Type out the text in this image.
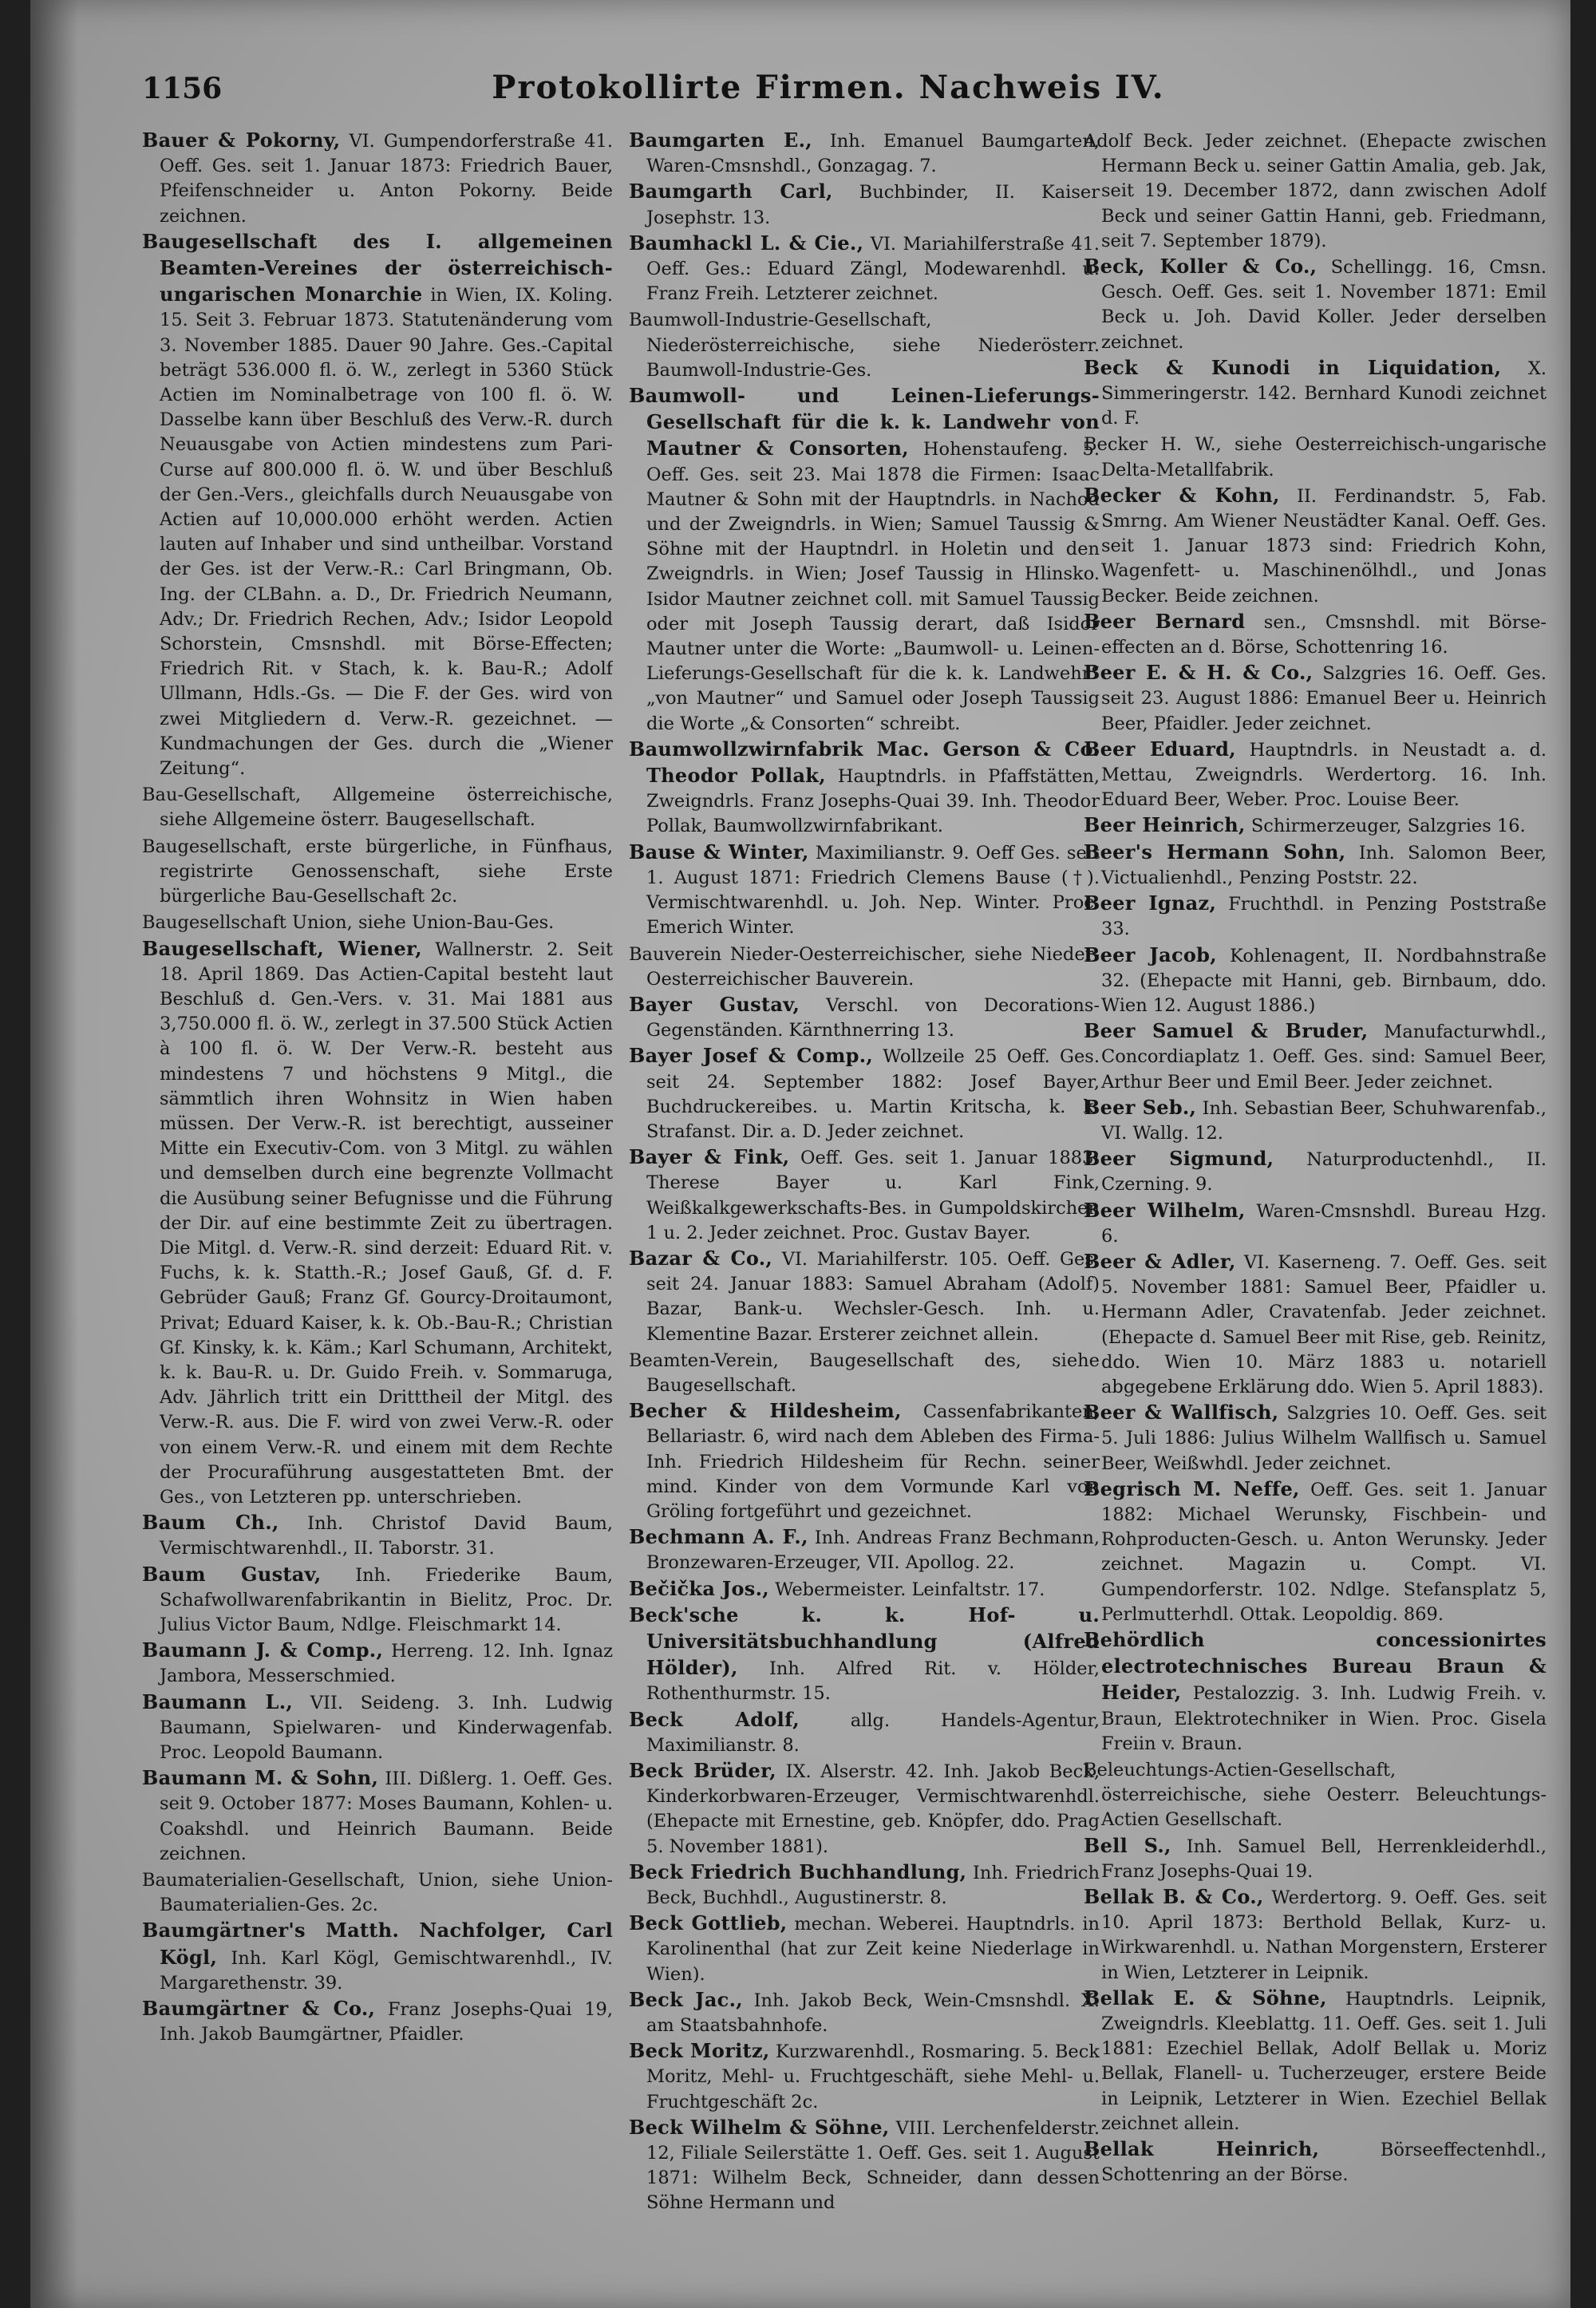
1156	Protokollirte Firmen. Nachweis IV.

Bauer & Pokorny, VI. Gumpendorferstraße 41. Oeff. Ges. seit 1. Januar 1873: Friedrich Bauer, Pfeifenschneider u. Anton Pokorny. Beide zeichnen.

Baugesellschaft des I. allgemeinen Beamten-Vereines der österreichisch-ungarischen Monarchie in Wien, IX. Koling. 15. Seit 3. Februar 1873. Statutenänderung vom 3. November 1885. Dauer 90 Jahre. Ges.-Capital beträgt 536.000 fl. ö. W., zerlegt in 5360 Stück Actien im Nominalbetrage von 100 fl. ö. W. Dasselbe kann über Beschluß des Verw.-R. durch Neuausgabe von Actien mindestens zum Pari-Curse auf 800.000 fl. ö. W. und über Beschluß der Gen.-Vers., gleichfalls durch Neuausgabe von Actien auf 10,000.000 erhöht werden. Actien lauten auf Inhaber und sind untheilbar. Vorstand der Ges. ist der Verw.-R.: Carl Bringmann, Ob. Ing. der CLBahn. a. D., Dr. Friedrich Neumann, Adv.; Dr. Friedrich Rechen, Adv.; Isidor Leopold Schorstein, Cmsnshdl. mit Börse-Effecten; Friedrich Rit. v Stach, k. k. Bau-R.; Adolf Ullmann, Hdls.-Gs. — Die F. der Ges. wird von zwei Mitgliedern d. Verw.-R. gezeichnet. — Kundmachungen der Ges. durch die „Wiener Zeitung“.

Bau-Gesellschaft, Allgemeine österreichische, siehe Allgemeine österr. Baugesellschaft.

Baugesellschaft, erste bürgerliche, in Fünfhaus, registrirte Genossenschaft, siehe Erste bürgerliche Bau-Gesellschaft 2c.

Baugesellschaft Union, siehe Union-Bau-Ges.

Baugesellschaft, Wiener, Wallnerstr. 2. Seit 18. April 1869. Das Actien-Capital besteht laut Beschluß d. Gen.-Vers. v. 31. Mai 1881 aus 3,750.000 fl. ö. W., zerlegt in 37.500 Stück Actien à 100 fl. ö. W. Der Verw.-R. besteht aus mindestens 7 und höchstens 9 Mitgl., die sämmtlich ihren Wohnsitz in Wien haben müssen. Der Verw.-R. ist berechtigt, ausseiner Mitte ein Executiv-Com. von 3 Mitgl. zu wählen und demselben durch eine begrenzte Vollmacht die Ausübung seiner Befugnisse und die Führung der Dir. auf eine bestimmte Zeit zu übertragen. Die Mitgl. d. Verw.-R. sind derzeit: Eduard Rit. v. Fuchs, k. k. Statth.-R.; Josef Gauß, Gf. d. F. Gebrüder Gauß; Franz Gf. Gourcy-Droitaumont, Privat; Eduard Kaiser, k. k. Ob.-Bau-R.; Christian Gf. Kinsky, k. k. Käm.; Karl Schumann, Architekt, k. k. Bau-R. u. Dr. Guido Freih. v. Sommaruga, Adv. Jährlich tritt ein Dritttheil der Mitgl. des Verw.-R. aus. Die F. wird von zwei Verw.-R. oder von einem Verw.-R. und einem mit dem Rechte der Procuraführung ausgestatteten Bmt. der Ges., von Letzteren pp. unterschrieben.

Baum Ch., Inh. Christof David Baum, Vermischtwarenhdl., II. Taborstr. 31.

Baum Gustav, Inh. Friederike Baum, Schafwollwarenfabrikantin in Bielitz, Proc. Dr. Julius Victor Baum, Ndlge. Fleischmarkt 14.

Baumann J. & Comp., Herreng. 12. Inh. Ignaz Jambora, Messerschmied.

Baumann L., VII. Seideng. 3. Inh. Ludwig Baumann, Spielwaren- und Kinderwagenfab. Proc. Leopold Baumann.

Baumann M. & Sohn, III. Dißlerg. 1. Oeff. Ges. seit 9. October 1877: Moses Baumann, Kohlen- u. Coakshdl. und Heinrich Baumann. Beide zeichnen.

Baumaterialien-Gesellschaft, Union, siehe Union-Baumaterialien-Ges. 2c.

Baumgärtner's Matth. Nachfolger, Carl Kögl, Inh. Karl Kögl, Gemischtwarenhdl., IV. Margarethenstr. 39.

Baumgärtner & Co., Franz Josephs-Quai 19, Inh. Jakob Baumgärtner, Pfaidler.

Baumgarten E., Inh. Emanuel Baumgarten, Waren-Cmsnshdl., Gonzagag. 7.

Baumgarth Carl, Buchbinder, II. Kaiser Josephstr. 13.

Baumhackl L. & Cie., VI. Mariahilferstraße 41. Oeff. Ges.: Eduard Zängl, Modewarenhdl. u. Franz Freih. Letzterer zeichnet.

Baumwoll-Industrie-Gesellschaft, Niederösterreichische, siehe Niederösterr. Baumwoll-Industrie-Ges.

Baumwoll- und Leinen-Lieferungs-Gesellschaft für die k. k. Landwehr von Mautner & Consorten, Hohenstaufeng. 5. Oeff. Ges. seit 23. Mai 1878 die Firmen: Isaac Mautner & Sohn mit der Hauptndrls. in Nachod und der Zweigndrls. in Wien; Samuel Taussig & Söhne mit der Hauptndrl. in Holetin und den Zweigndrls. in Wien; Josef Taussig in Hlinsko. Isidor Mautner zeichnet coll. mit Samuel Taussig oder mit Joseph Taussig derart, daß Isidor Mautner unter die Worte: „Baumwoll- u. Leinen-Lieferungs-Gesellschaft für die k. k. Landwehr“ „von Mautner“ und Samuel oder Joseph Taussig die Worte „& Consorten“ schreibt.

Baumwollzwirnfabrik Mac. Gerson & Co. Theodor Pollak, Hauptndrls. in Pfaffstätten, Zweigndrls. Franz Josephs-Quai 39. Inh. Theodor Pollak, Baumwollzwirnfabrikant.

Bause & Winter, Maximilianstr. 9. Oeff Ges. seit 1. August 1871: Friedrich Clemens Bause (†). Vermischtwarenhdl. u. Joh. Nep. Winter. Proc. Emerich Winter.

Bauverein Nieder-Oesterreichischer, siehe Nieder-Oesterreichischer Bauverein.

Bayer Gustav, Verschl. von Decorations-Gegenständen. Kärnthnerring 13.

Bayer Josef & Comp., Wollzeile 25 Oeff. Ges. seit 24. September 1882: Josef Bayer, Buchdruckereibes. u. Martin Kritscha, k. k. Strafanst. Dir. a. D. Jeder zeichnet.

Bayer & Fink, Oeff. Ges. seit 1. Januar 1883: Therese Bayer u. Karl Fink, Weißkalkgewerkschafts-Bes. in Gumpoldskirchen 1 u. 2. Jeder zeichnet. Proc. Gustav Bayer.

Bazar & Co., VI. Mariahilferstr. 105. Oeff. Ges. seit 24. Januar 1883: Samuel Abraham (Adolf) Bazar, Bank-u. Wechsler-Gesch. Inh. u. Klementine Bazar. Ersterer zeichnet allein.

Beamten-Verein, Baugesellschaft des, siehe Baugesellschaft.

Becher & Hildesheim, Cassenfabrikanten, Bellariastr. 6, wird nach dem Ableben des Firma-Inh. Friedrich Hildesheim für Rechn. seiner mind. Kinder von dem Vormunde Karl von Gröling fortgeführt und gezeichnet.

Bechmann A. F., Inh. Andreas Franz Bechmann, Bronzewaren-Erzeuger, VII. Apollog. 22.

Bečička Jos., Webermeister. Leinfaltstr. 17.

Beck'sche k. k. Hof- u. Universitätsbuchhandlung (Alfred Hölder), Inh. Alfred Rit. v. Hölder, Rothenthurmstr. 15.

Beck Adolf, allg. Handels-Agentur, Maximilianstr. 8.

Beck Brüder, IX. Alserstr. 42. Inh. Jakob Beck, Kinderkorbwaren-Erzeuger, Vermischtwarenhdl. (Ehepacte mit Ernestine, geb. Knöpfer, ddo. Prag 5. November 1881).

Beck Friedrich Buchhandlung, Inh. Friedrich Beck, Buchhdl., Augustinerstr. 8.

Beck Gottlieb, mechan. Weberei. Hauptndrls. in Karolinenthal (hat zur Zeit keine Niederlage in Wien).

Beck Jac., Inh. Jakob Beck, Wein-Cmsnshdl. X. am Staatsbahnhofe.

Beck Moritz, Kurzwarenhdl., Rosmaring. 5. Beck Moritz, Mehl- u. Fruchtgeschäft, siehe Mehl- u. Fruchtgeschäft 2c.

Beck Wilhelm & Söhne, VIII. Lerchenfelderstr. 12, Filiale Seilerstätte 1. Oeff. Ges. seit 1. August 1871: Wilhelm Beck, Schneider, dann dessen Söhne Hermann und

Adolf Beck. Jeder zeichnet. (Ehepacte zwischen Hermann Beck u. seiner Gattin Amalia, geb. Jak, seit 19. December 1872, dann zwischen Adolf Beck und seiner Gattin Hanni, geb. Friedmann, seit 7. September 1879).

Beck, Koller & Co., Schellingg. 16, Cmsn. Gesch. Oeff. Ges. seit 1. November 1871: Emil Beck u. Joh. David Koller. Jeder derselben zeichnet.

Beck & Kunodi in Liquidation, X. Simmeringerstr. 142. Bernhard Kunodi zeichnet d. F.

Becker H. W., siehe Oesterreichisch-ungarische Delta-Metallfabrik.

Becker & Kohn, II. Ferdinandstr. 5, Fab. Smrng. Am Wiener Neustädter Kanal. Oeff. Ges. seit 1. Januar 1873 sind: Friedrich Kohn, Wagenfett- u. Maschinenölhdl., und Jonas Becker. Beide zeichnen.

Beer Bernard sen., Cmsnshdl. mit Börse-effecten an d. Börse, Schottenring 16.

Beer E. & H. & Co., Salzgries 16. Oeff. Ges. seit 23. August 1886: Emanuel Beer u. Heinrich Beer, Pfaidler. Jeder zeichnet.

Beer Eduard, Hauptndrls. in Neustadt a. d. Mettau, Zweigndrls. Werdertorg. 16. Inh. Eduard Beer, Weber. Proc. Louise Beer.

Beer Heinrich, Schirmerzeuger, Salzgries 16.

Beer's Hermann Sohn, Inh. Salomon Beer, Victualienhdl., Penzing Poststr. 22.

Beer Ignaz, Fruchthdl. in Penzing Poststraße 33.

Beer Jacob, Kohlenagent, II. Nordbahnstraße 32. (Ehepacte mit Hanni, geb. Birnbaum, ddo. Wien 12. August 1886.)

Beer Samuel & Bruder, Manufacturwhdl., Concordiaplatz 1. Oeff. Ges. sind: Samuel Beer, Arthur Beer und Emil Beer. Jeder zeichnet.

Beer Seb., Inh. Sebastian Beer, Schuhwarenfab., VI. Wallg. 12.

Beer Sigmund, Naturproductenhdl., II. Czerning. 9.

Beer Wilhelm, Waren-Cmsnshdl. Bureau Hzg. 6.

Beer & Adler, VI. Kaserneng. 7. Oeff. Ges. seit 5. November 1881: Samuel Beer, Pfaidler u. Hermann Adler, Cravatenfab. Jeder zeichnet. (Ehepacte d. Samuel Beer mit Rise, geb. Reinitz, ddo. Wien 10. März 1883 u. notariell abgegebene Erklärung ddo. Wien 5. April 1883).

Beer & Wallfisch, Salzgries 10. Oeff. Ges. seit 5. Juli 1886: Julius Wilhelm Wallfisch u. Samuel Beer, Weißwhdl. Jeder zeichnet.

Begrisch M. Neffe, Oeff. Ges. seit 1. Januar 1882: Michael Werunsky, Fischbein- und Rohproducten-Gesch. u. Anton Werunsky. Jeder zeichnet. Magazin u. Compt. VI. Gumpendorferstr. 102. Ndlge. Stefansplatz 5, Perlmutterhdl. Ottak. Leopoldig. 869.

Behördlich concessionirtes electrotechnisches Bureau Braun & Heider, Pestalozzig. 3. Inh. Ludwig Freih. v. Braun, Elektrotechniker in Wien. Proc. Gisela Freiin v. Braun.

Beleuchtungs-Actien-Gesellschaft, österreichische, siehe Oesterr. Beleuchtungs-Actien Gesellschaft.

Bell S., Inh. Samuel Bell, Herrenkleiderhdl., Franz Josephs-Quai 19.

Bellak B. & Co., Werdertorg. 9. Oeff. Ges. seit 10. April 1873: Berthold Bellak, Kurz- u. Wirkwarenhdl. u. Nathan Morgenstern, Ersterer in Wien, Letzterer in Leipnik.

Bellak E. & Söhne, Hauptndrls. Leipnik, Zweigndrls. Kleeblattg. 11. Oeff. Ges. seit 1. Juli 1881: Ezechiel Bellak, Adolf Bellak u. Moriz Bellak, Flanell- u. Tucherzeuger, erstere Beide in Leipnik, Letzterer in Wien. Ezechiel Bellak zeichnet allein.

Bellak Heinrich, Börseeffectenhdl., Schottenring an der Börse.
